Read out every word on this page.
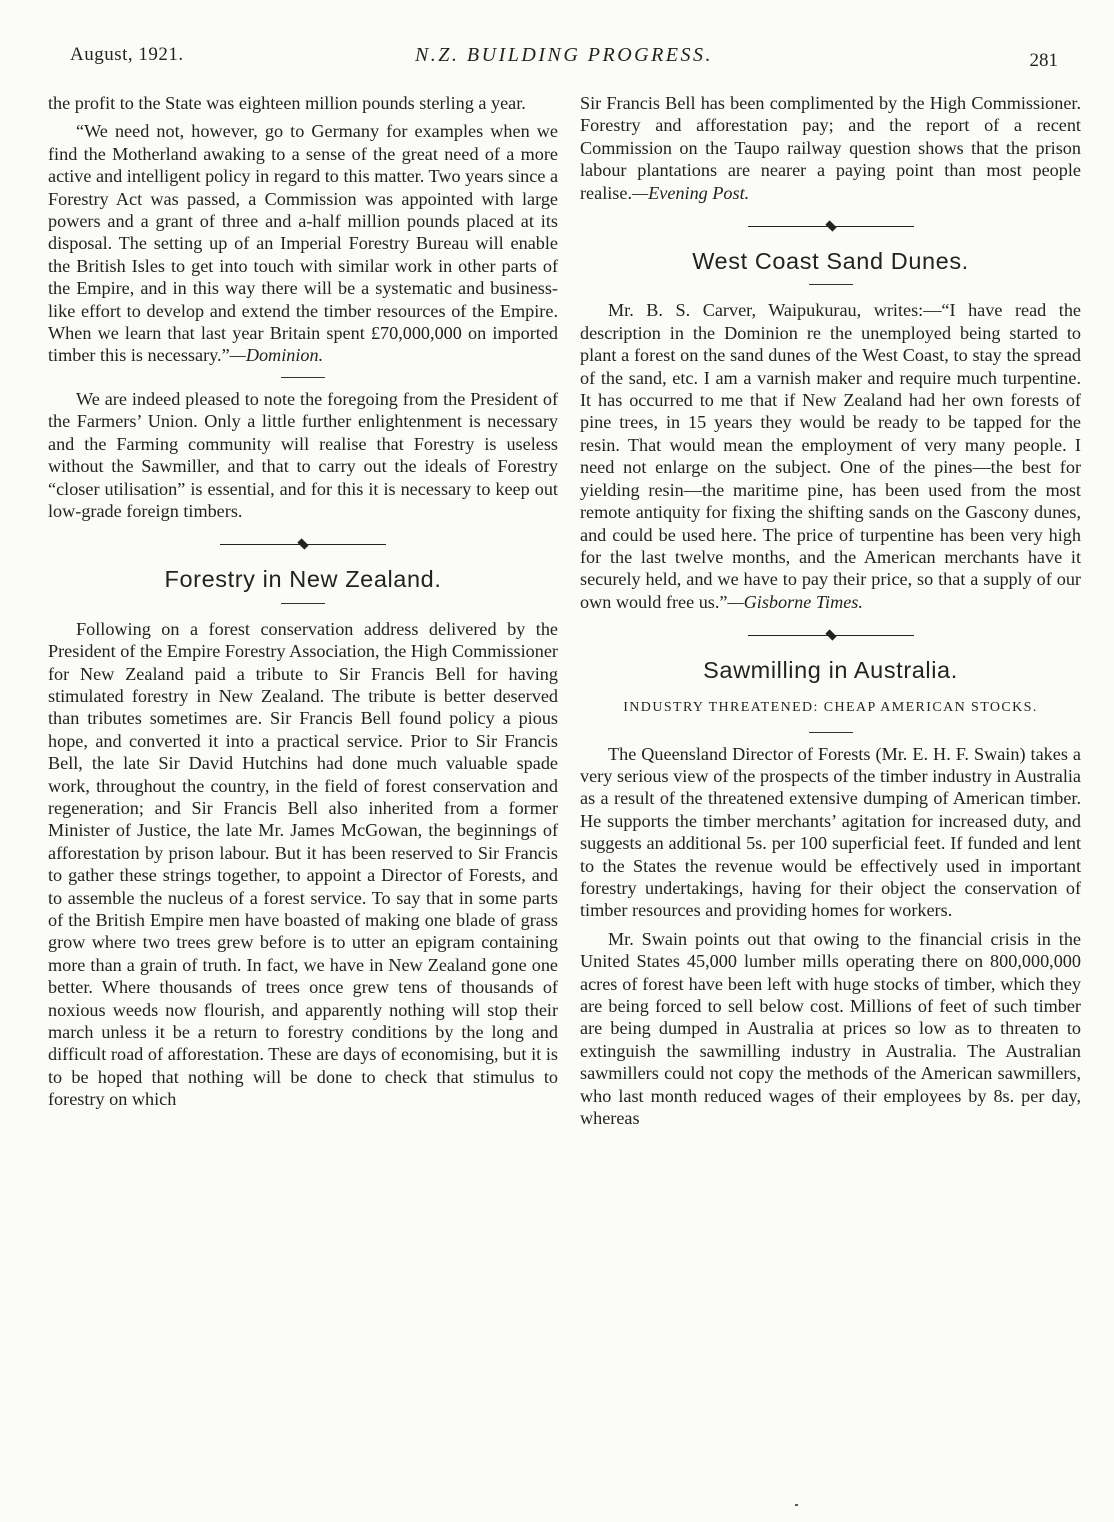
August, 1921.	N.Z. BUILDING PROGRESS.	281

the profit to the State was eighteen million pounds sterling a year.

“We need not, however, go to Germany for examples when we find the Motherland awaking to a sense of the great need of a more active and intelligent policy in regard to this matter. Two years since a Forestry Act was passed, a Commission was appointed with large powers and a grant of three and a-half million pounds placed at its disposal. The setting up of an Imperial Forestry Bureau will enable the British Isles to get into touch with similar work in other parts of the Empire, and in this way there will be a systematic and business-like effort to develop and extend the timber resources of the Empire. When we learn that last year Britain spent £70,000,000 on imported timber this is necessary.”—Dominion.

We are indeed pleased to note the foregoing from the President of the Farmers’ Union. Only a little further enlightenment is necessary and the Farming community will realise that Forestry is useless without the Sawmiller, and that to carry out the ideals of Forestry “closer utilisation” is essential, and for this it is necessary to keep out low-grade foreign timbers.

Forestry in New Zealand.

Following on a forest conservation address delivered by the President of the Empire Forestry Association, the High Commissioner for New Zealand paid a tribute to Sir Francis Bell for having stimulated forestry in New Zealand. The tribute is better deserved than tributes sometimes are. Sir Francis Bell found policy a pious hope, and converted it into a practical service. Prior to Sir Francis Bell, the late Sir David Hutchins had done much valuable spade work, throughout the country, in the field of forest conservation and regeneration; and Sir Francis Bell also inherited from a former Minister of Justice, the late Mr. James McGowan, the beginnings of afforestation by prison labour. But it has been reserved to Sir Francis to gather these strings together, to appoint a Director of Forests, and to assemble the nucleus of a forest service. To say that in some parts of the British Empire men have boasted of making one blade of grass grow where two trees grew before is to utter an epigram containing more than a grain of truth. In fact, we have in New Zealand gone one better. Where thousands of trees once grew tens of thousands of noxious weeds now flourish, and apparently nothing will stop their march unless it be a return to forestry conditions by the long and difficult road of afforestation. These are days of economising, but it is to be hoped that nothing will be done to check that stimulus to forestry on which

Sir Francis Bell has been complimented by the High Commissioner. Forestry and afforestation pay; and the report of a recent Commission on the Taupo railway question shows that the prison labour plantations are nearer a paying point than most people realise.—Evening Post.

West Coast Sand Dunes.

Mr. B. S. Carver, Waipukurau, writes:—“I have read the description in the Dominion re the unemployed being started to plant a forest on the sand dunes of the West Coast, to stay the spread of the sand, etc. I am a varnish maker and require much turpentine. It has occurred to me that if New Zealand had her own forests of pine trees, in 15 years they would be ready to be tapped for the resin. That would mean the employment of very many people. I need not enlarge on the subject. One of the pines—the best for yielding resin—the maritime pine, has been used from the most remote antiquity for fixing the shifting sands on the Gascony dunes, and could be used here. The price of turpentine has been very high for the last twelve months, and the American merchants have it securely held, and we have to pay their price, so that a supply of our own would free us.”—Gisborne Times.

Sawmilling in Australia.
INDUSTRY THREATENED: CHEAP AMERICAN STOCKS.

The Queensland Director of Forests (Mr. E. H. F. Swain) takes a very serious view of the prospects of the timber industry in Australia as a result of the threatened extensive dumping of American timber. He supports the timber merchants’ agitation for increased duty, and suggests an additional 5s. per 100 superficial feet. If funded and lent to the States the revenue would be effectively used in important forestry undertakings, having for their object the conservation of timber resources and providing homes for workers.

Mr. Swain points out that owing to the financial crisis in the United States 45,000 lumber mills operating there on 800,000,000 acres of forest have been left with huge stocks of timber, which they are being forced to sell below cost. Millions of feet of such timber are being dumped in Australia at prices so low as to threaten to extinguish the sawmilling industry in Australia. The Australian sawmillers could not copy the methods of the American sawmillers, who last month reduced wages of their employees by 8s. per day, whereas
